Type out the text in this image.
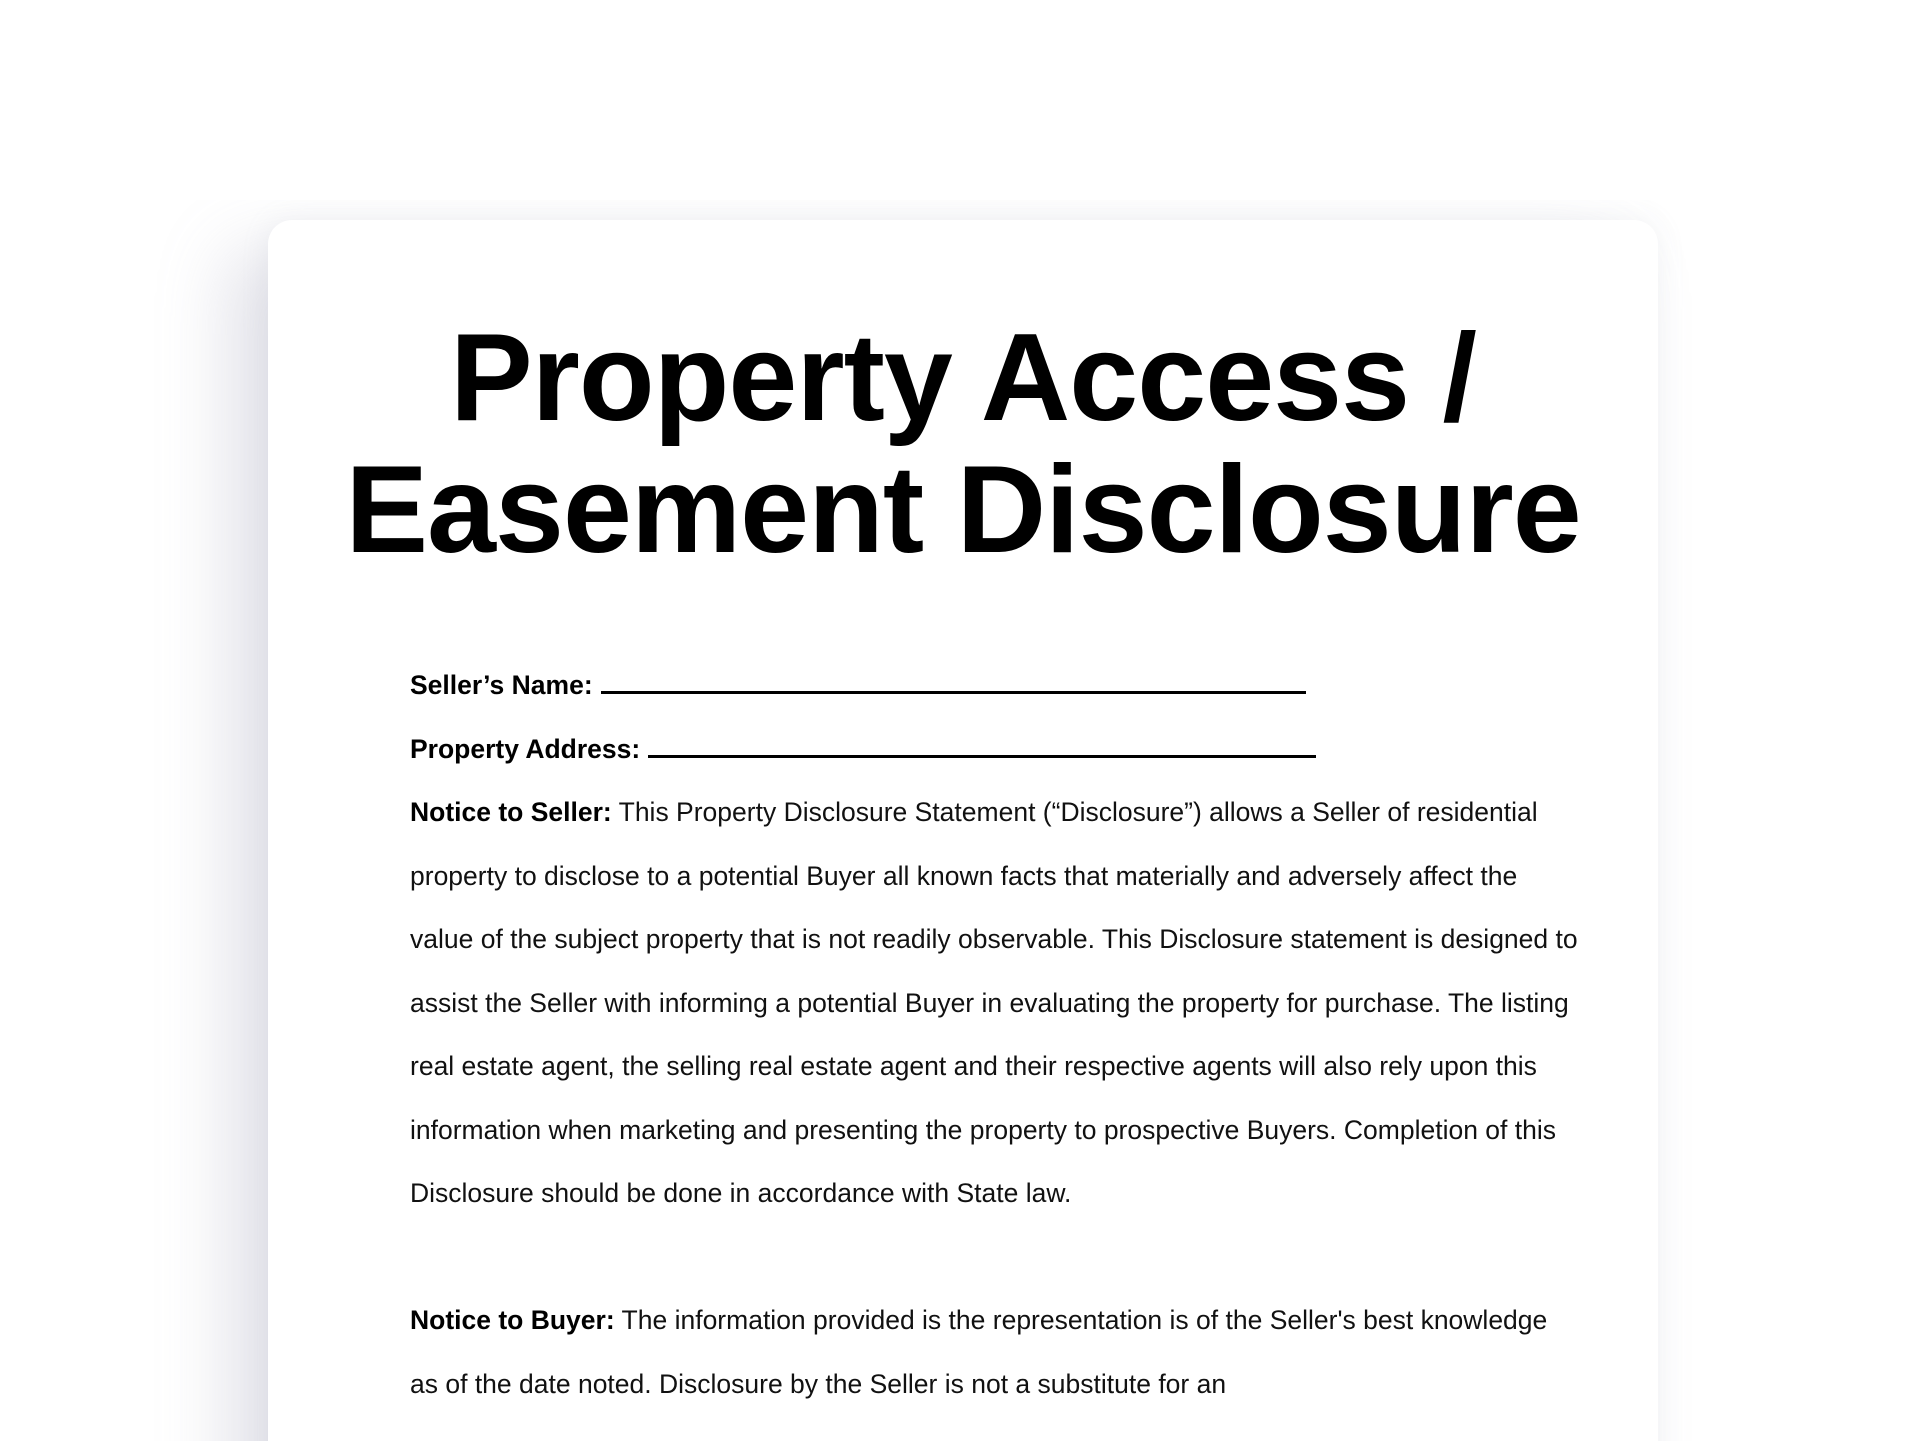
Property Access /
Easement Disclosure
Seller’s Name:
Property Address:

Notice to Seller: This Property Disclosure Statement (“Disclosure”) allows a Seller of residential property to disclose to a potential Buyer all known facts that materially and adversely affect the value of the subject property that is not readily observable. This Disclosure statement is designed to assist the Seller with informing a potential Buyer in evaluating the property for purchase. The listing real estate agent, the selling real estate agent and their respective agents will also rely upon this information when marketing and presenting the property to prospective Buyers. Completion of this Disclosure should be done in accordance with State law.

Notice to Buyer: The information provided is the representation is of the Seller's best knowledge as of the date noted. Disclosure by the Seller is not a substitute for an
